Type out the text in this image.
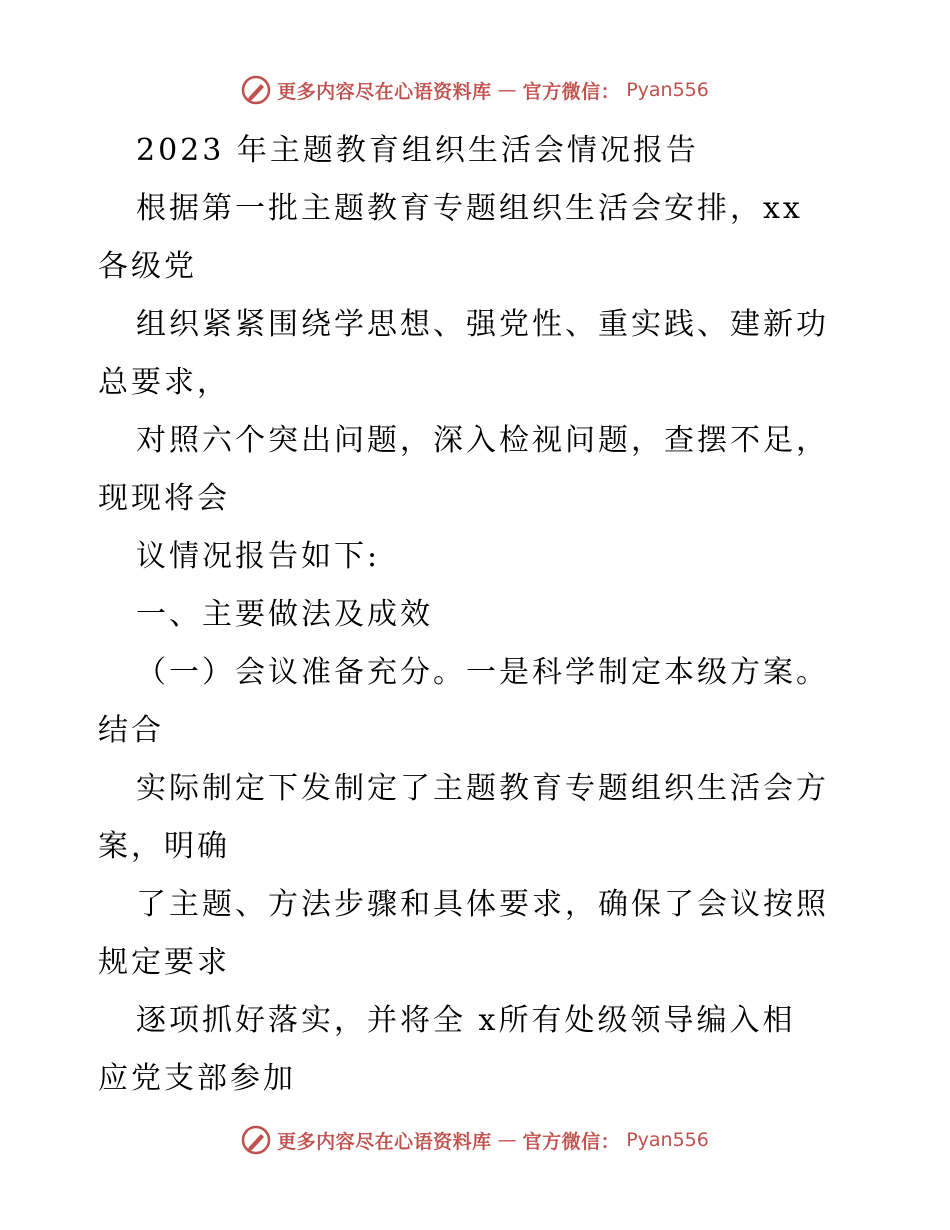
更多内容尽在心语资料库 — 官方微信： Pyan556
2023 年主题教育组织生活会情况报告
根据第一批主题教育专题组织生活会安排，xx
各级党
组织紧紧围绕学思想、强党性、重实践、建新功
总要求，
对照六个突出问题，深入检视问题，查摆不足，
现现将会
议情况报告如下:
一、主要做法及成效
（一）会议准备充分。一是科学制定本级方案。
结合
实际制定下发制定了主题教育专题组织生活会方
案，明确
了主题、方法步骤和具体要求，确保了会议按照
规定要求
逐项抓好落实，并将全 x所有处级领导编入相
应党支部参加
更多内容尽在心语资料库 — 官方微信： Pyan556
